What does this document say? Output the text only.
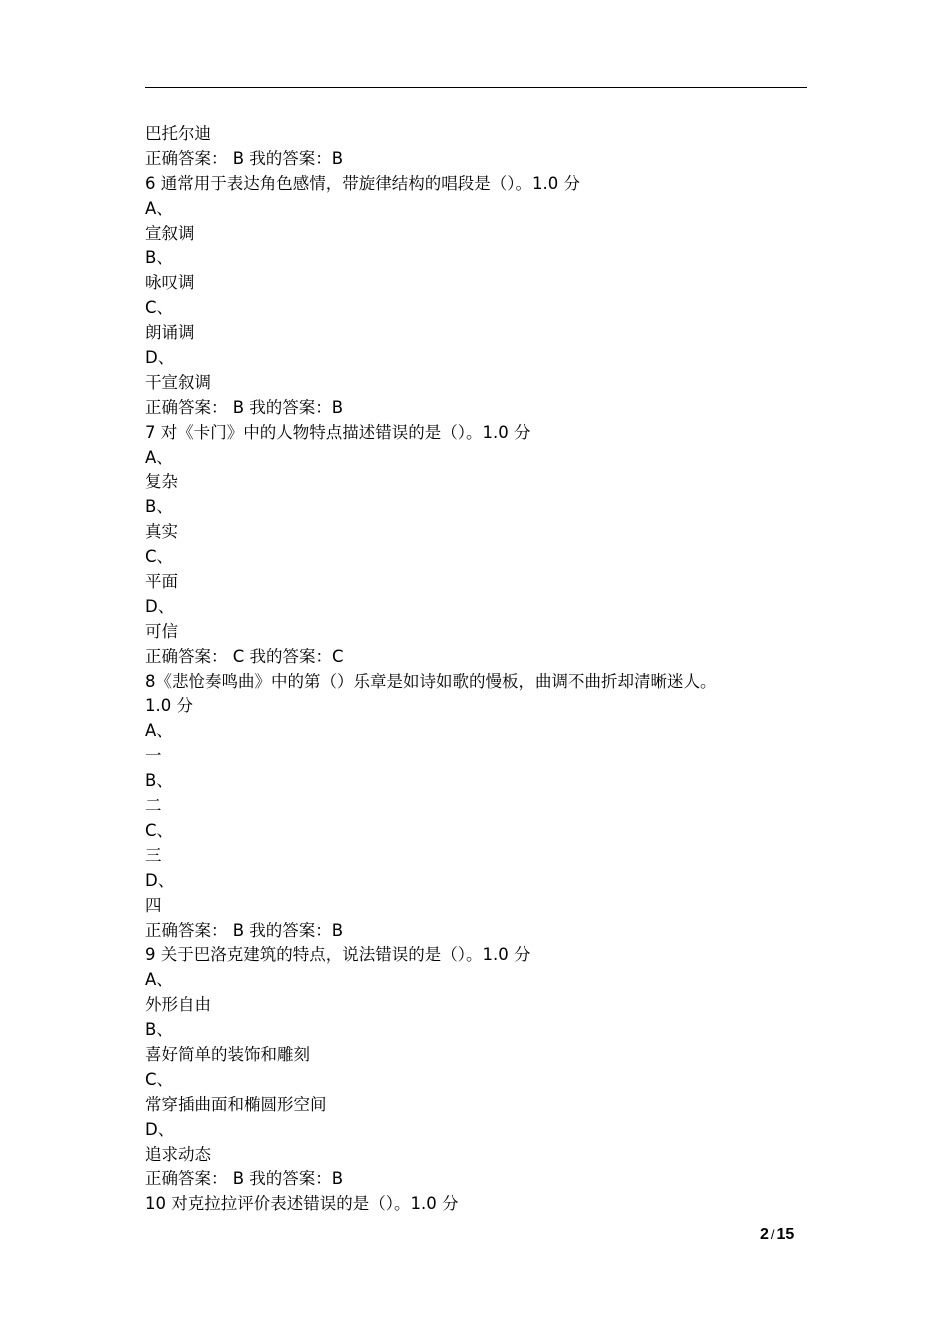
巴托尔迪
正确答案： B 我的答案：B
6 通常用于表达角色感情，带旋律结构的唱段是（）。1.0 分
A、
宣叙调
B、
咏叹调
C、
朗诵调
D、
干宣叙调
正确答案： B 我的答案：B
7 对《卡门》中的人物特点描述错误的是（）。1.0 分
A、
复杂
B、
真实
C、
平面
D、
可信
正确答案： C 我的答案：C
8《悲怆奏鸣曲》中的第（）乐章是如诗如歌的慢板，曲调不曲折却清晰迷人。
1.0 分
A、
一
B、
二
C、
三
D、
四
正确答案： B 我的答案：B
9 关于巴洛克建筑的特点，说法错误的是（）。1.0 分
A、
外形自由
B、
喜好简单的装饰和雕刻
C、
常穿插曲面和椭圆形空间
D、
追求动态
正确答案： B 我的答案：B
10 对克拉拉评价表述错误的是（）。1.0 分
2 / 15
